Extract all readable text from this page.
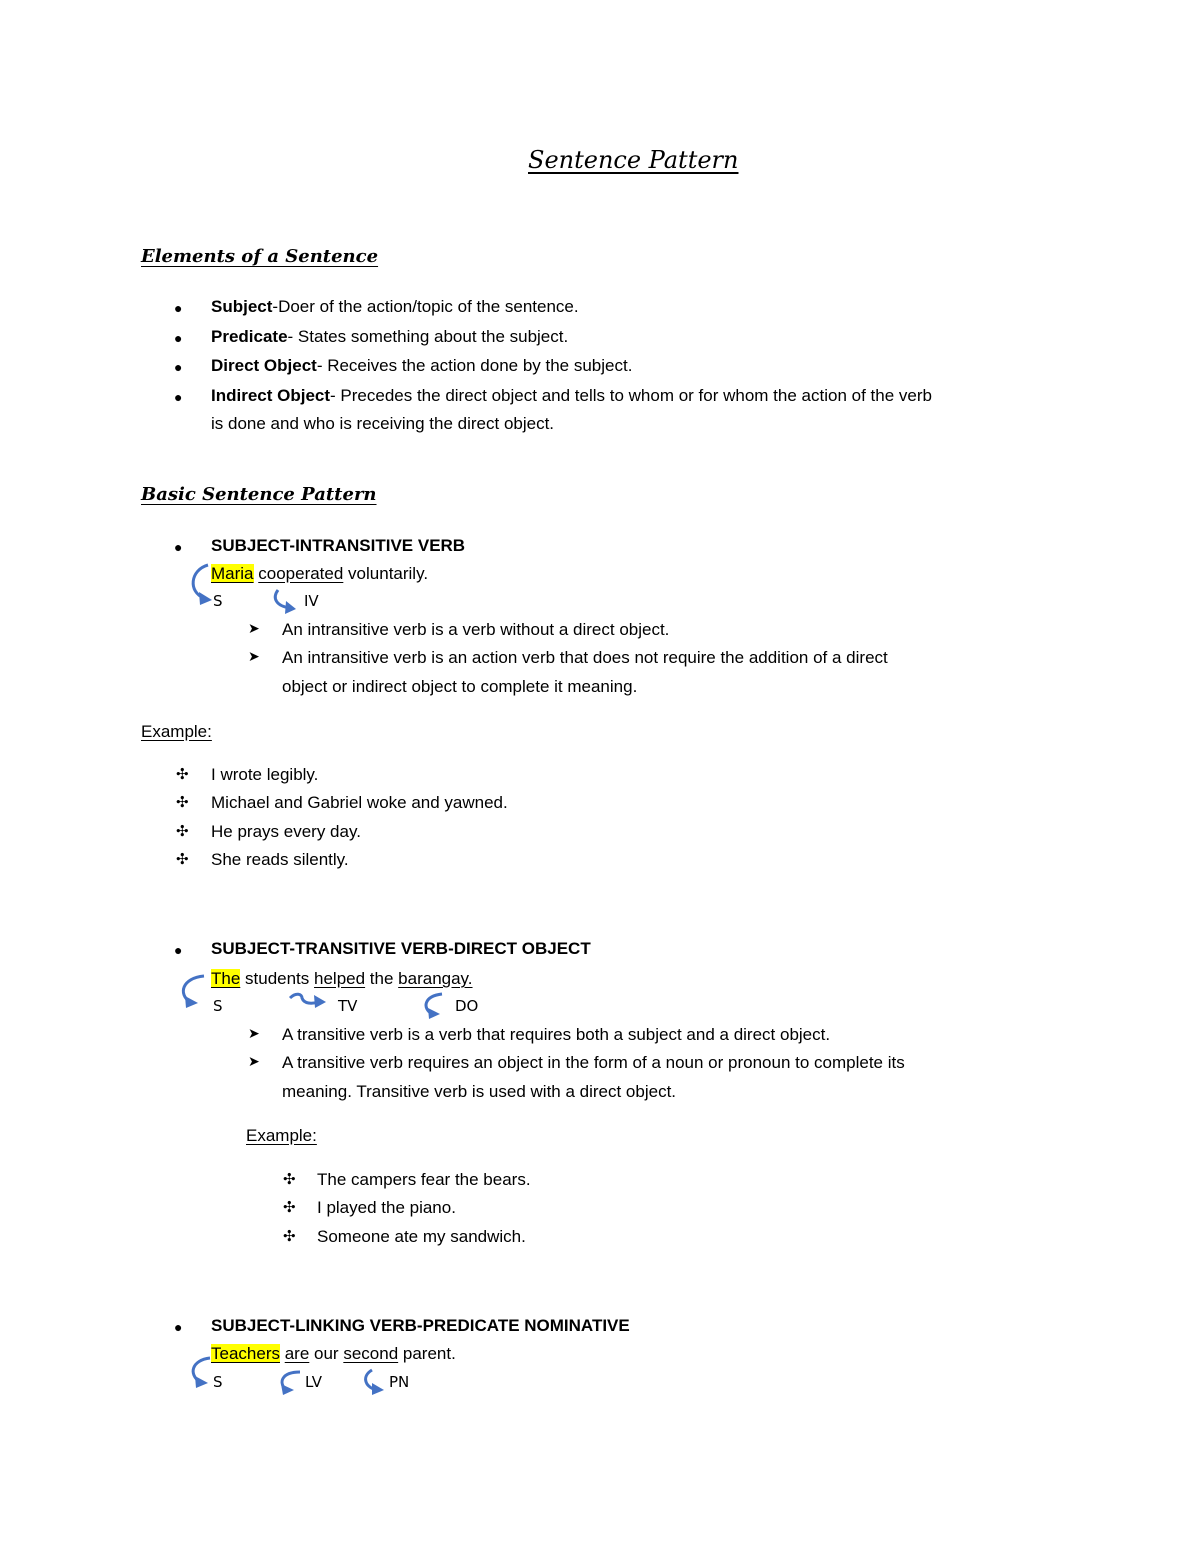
Sentence Pattern
Elements of a Sentence
● Subject-Doer of the action/topic of the sentence.
● Predicate- States something about the subject.
● Direct Object- Receives the action done by the subject.
● Indirect Object- Precedes the direct object and tells to whom or for whom the action of the verb
is done and who is receiving the direct object.
Basic Sentence Pattern
● SUBJECT-INTRANSITIVE VERB
Maria cooperated voluntarily.
S	IV
➤ An intransitive verb is a verb without a direct object.
➤ An intransitive verb is an action verb that does not require the addition of a direct
object or indirect object to complete it meaning.
Example:
✣ I wrote legibly.
✣ Michael and Gabriel woke and yawned.
✣ He prays every day.
✣ She reads silently.
● SUBJECT-TRANSITIVE VERB-DIRECT OBJECT
The students helped the barangay.
S	TV	DO
➤ A transitive verb is a verb that requires both a subject and a direct object.
➤ A transitive verb requires an object in the form of a noun or pronoun to complete its
meaning. Transitive verb is used with a direct object.
Example:
✣ The campers fear the bears.
✣ I played the piano.
✣ Someone ate my sandwich.
● SUBJECT-LINKING VERB-PREDICATE NOMINATIVE
Teachers are our second parent.
S	LV	PN
